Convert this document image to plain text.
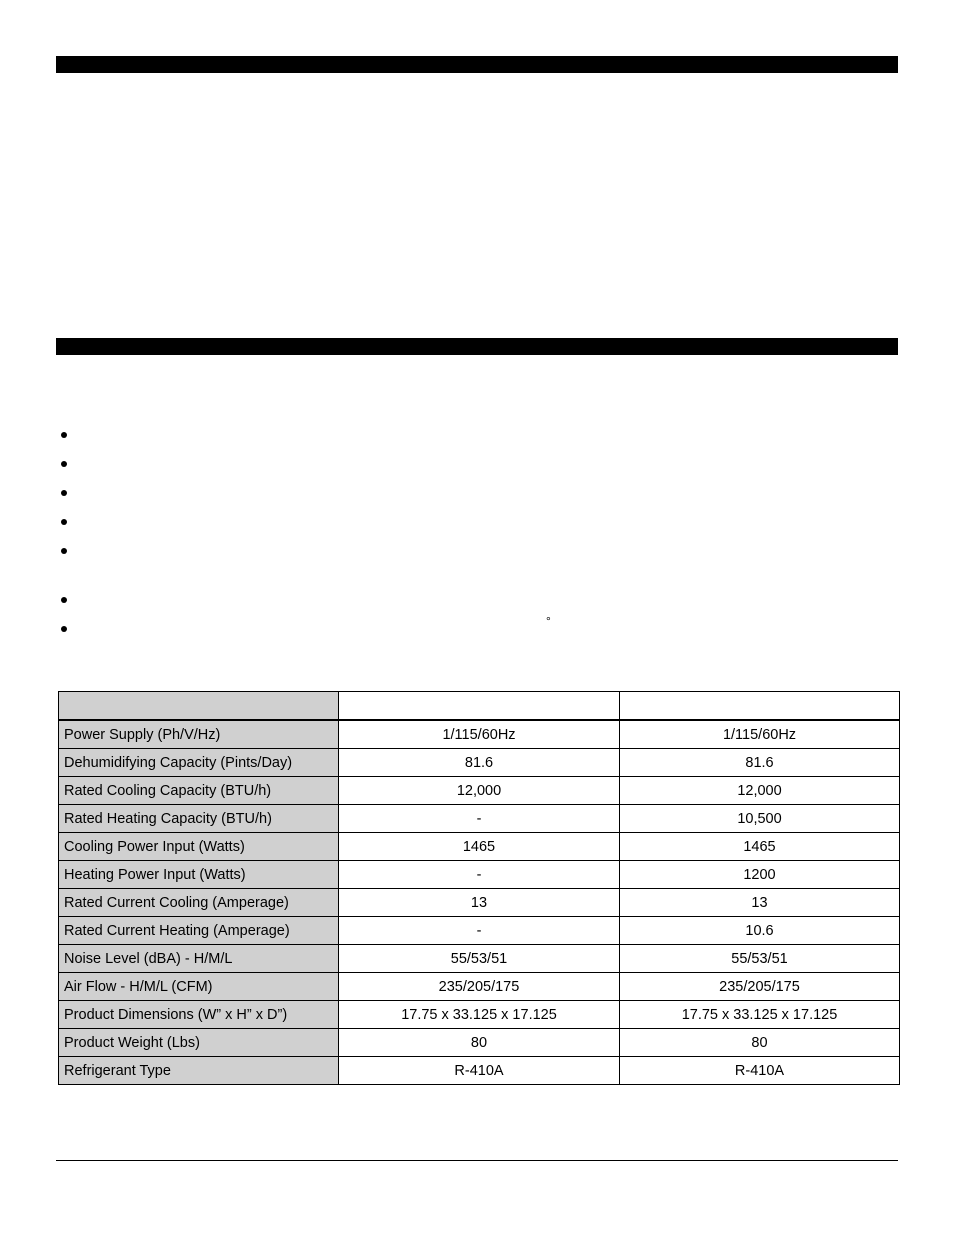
°

Power Supply (Ph/V/Hz)	1/115/60Hz	1/115/60Hz
Dehumidifying Capacity (Pints/Day)	81.6	81.6
Rated Cooling Capacity (BTU/h)	12,000	12,000
Rated Heating Capacity (BTU/h)	-	10,500
Cooling Power Input (Watts)	1465	1465
Heating Power Input (Watts)	-	1200
Rated Current Cooling (Amperage)	13	13
Rated Current Heating (Amperage)	-	10.6
Noise Level (dBA) - H/M/L	55/53/51	55/53/51
Air Flow - H/M/L (CFM)	235/205/175	235/205/175
Product Dimensions (W” x H” x D”)	17.75 x 33.125 x 17.125	17.75 x 33.125 x 17.125
Product Weight (Lbs)	80	80
Refrigerant Type	R-410A	R-410A
